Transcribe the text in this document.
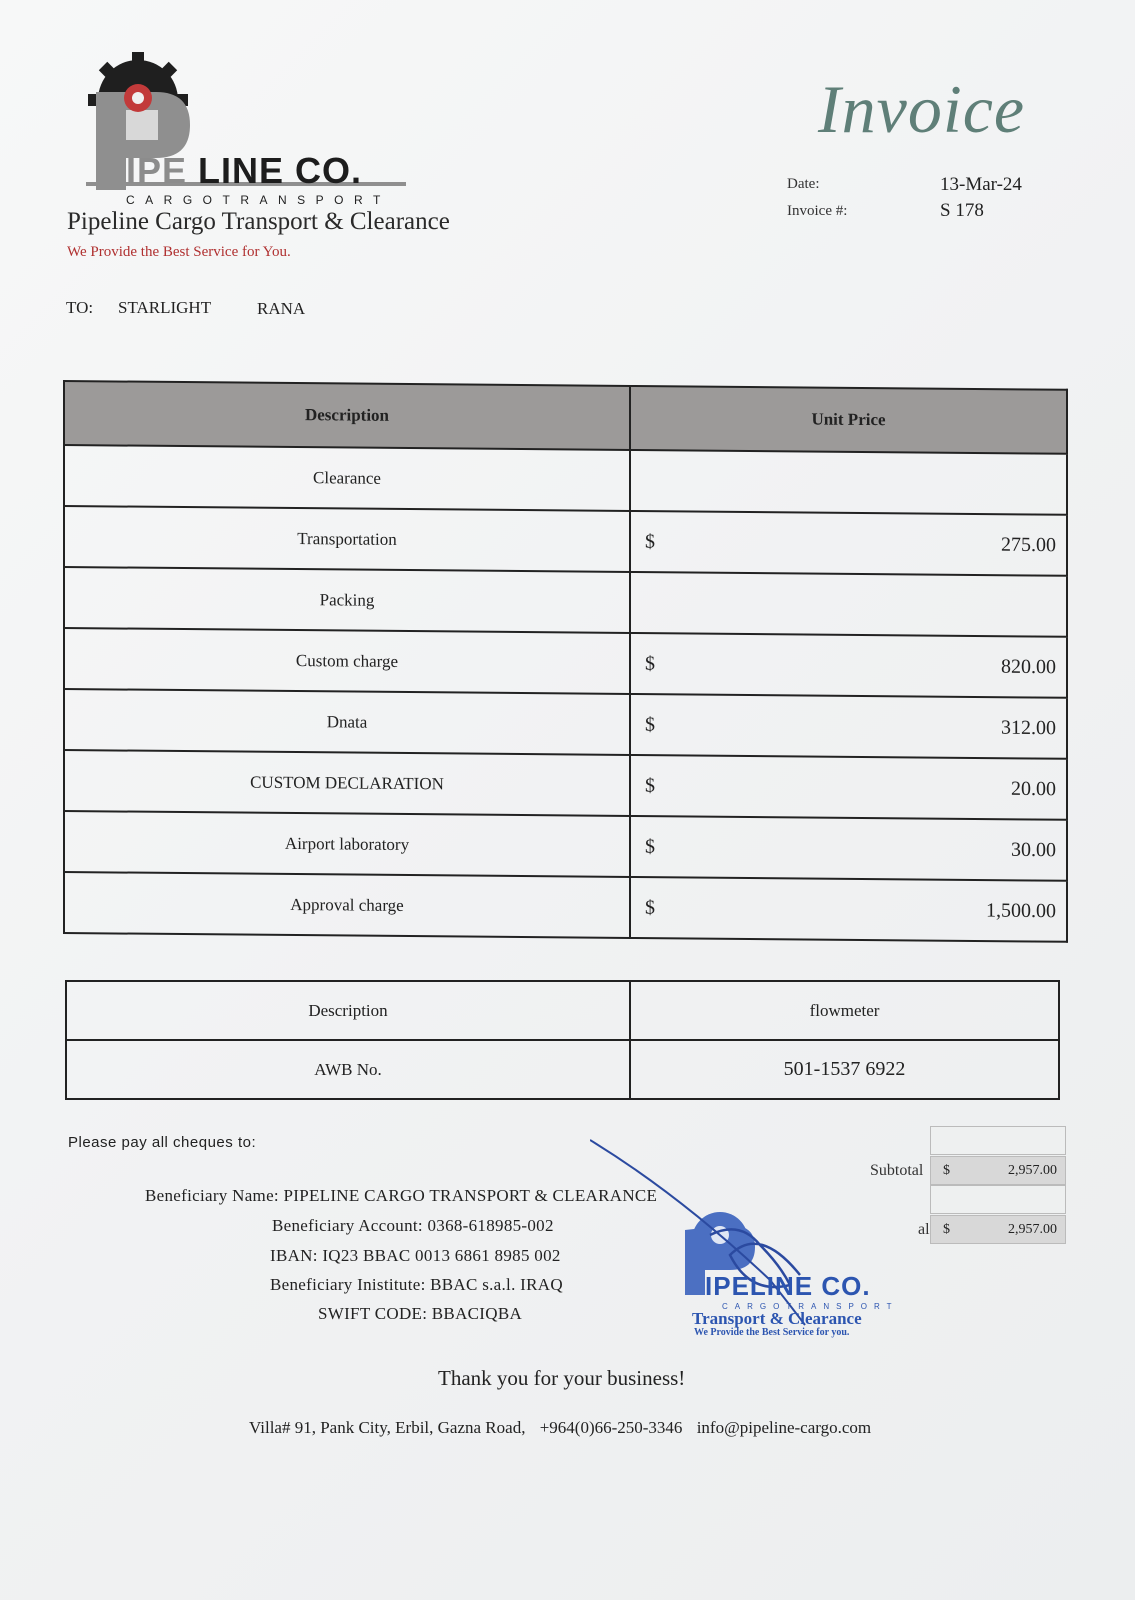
IPE LINE CO.
CARGOTRANSPORT
Pipeline Cargo Transport & Clearance
We Provide the Best Service for You.
Invoice
Date:	13-Mar-24
Invoice #:	S 178
TO: STARLIGHT	RANA
Description	Unit Price
Clearance	

Transportation	$ 275.00

Packing	

Custom charge	$ 820.00

Dnata	$ 312.00

CUSTOM DECLARATION	$ 20.00

Airport laboratory	$ 30.00

Approval charge	$ 1,500.00
Description	flowmeter
AWB No.	501-1537 6922
Please pay all cheques to:
Beneficiary Name: PIPELINE CARGO TRANSPORT & CLEARANCE
Beneficiary Account: 0368-618985-002
IBAN: IQ23 BBAC 0013 6861 8985 002
Beneficiary Inistitute: BBAC s.a.l. IRAQ
SWIFT CODE: BBACIQBA
Subtotal $	2,957.00
al $	2,957.00
IPELINE CO.
CARGOTRANSPORT
Transport & Clearance
We Provide the Best Service for you.
Thank you for your business!
Villa# 91, Pank City, Erbil, Gazna Road, +964(0)66-250-3346 info@pipeline-cargo.com
